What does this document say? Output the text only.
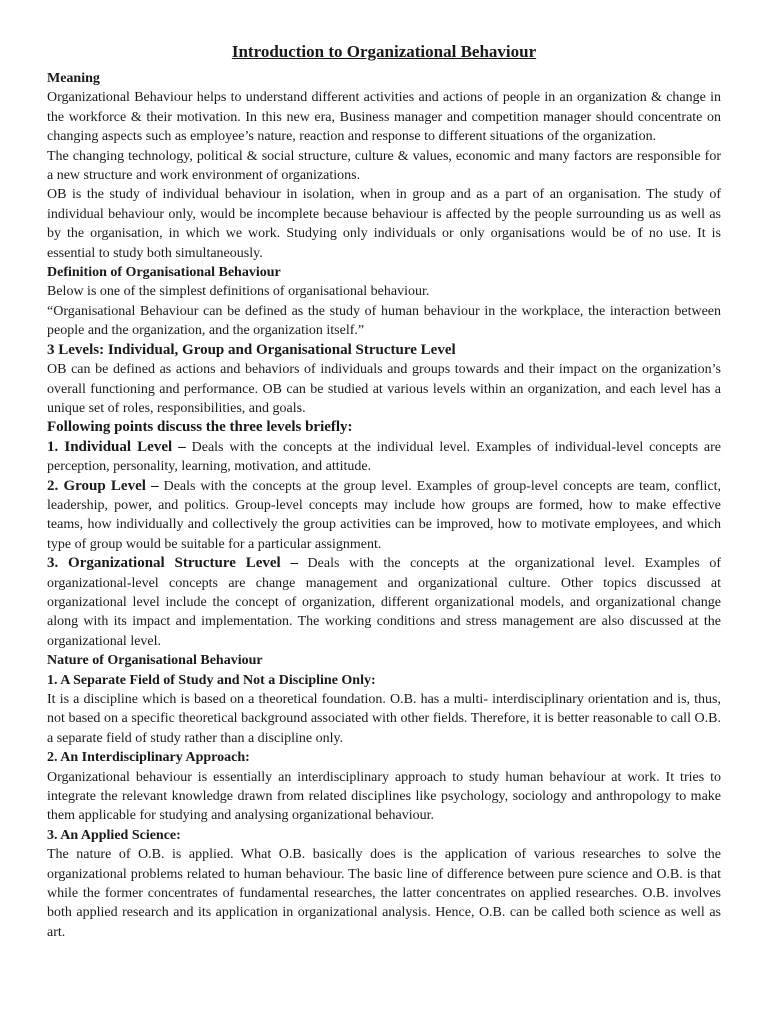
Introduction to Organizational Behaviour
Meaning

Organizational Behaviour helps to understand different activities and actions of people in an organization & change in the workforce & their motivation. In this new era, Business manager and competition manager should concentrate on changing aspects such as employee’s nature, reaction and response to different situations of the organization.

The changing technology, political & social structure, culture & values, economic and many factors are responsible for a new structure and work environment of organizations.

OB is the study of individual behaviour in isolation, when in group and as a part of an organisation. The study of individual behaviour only, would be incomplete because behaviour is affected by the people surrounding us as well as by the organisation, in which we work. Studying only individuals or only organisations would be of no use. It is essential to study both simultaneously.

Definition of Organisational Behaviour

Below is one of the simplest definitions of organisational behaviour.

“Organisational Behaviour can be defined as the study of human behaviour in the workplace, the interaction between people and the organization, and the organization itself.”

3 Levels: Individual, Group and Organisational Structure Level

OB can be defined as actions and behaviors of individuals and groups towards and their impact on the organization’s overall functioning and performance. OB can be studied at various levels within an organization, and each level has a unique set of roles, responsibilities, and goals.

Following points discuss the three levels briefly:

1. Individual Level – Deals with the concepts at the individual level. Examples of individual-level concepts are perception, personality, learning, motivation, and attitude.

2. Group Level – Deals with the concepts at the group level. Examples of group-level concepts are team, conflict, leadership, power, and politics. Group-level concepts may include how groups are formed, how to make effective teams, how individually and collectively the group activities can be improved, how to motivate employees, and which type of group would be suitable for a particular assignment.

3. Organizational Structure Level – Deals with the concepts at the organizational level. Examples of organizational-level concepts are change management and organizational culture. Other topics discussed at organizational level include the concept of organization, different organizational models, and organizational change along with its impact and implementation. The working conditions and stress management are also discussed at the organizational level.

Nature of Organisational Behaviour
1. A Separate Field of Study and Not a Discipline Only:

It is a discipline which is based on a theoretical foundation. O.B. has a multi- interdisciplinary orientation and is, thus, not based on a specific theoretical background associated with other fields. Therefore, it is better reasonable to call O.B. a separate field of study rather than a discipline only.

2. An Interdisciplinary Approach:

Organizational behaviour is essentially an interdisciplinary approach to study human behaviour at work. It tries to integrate the relevant knowledge drawn from related disciplines like psychology, sociology and anthropology to make them applicable for studying and analysing organizational behaviour.

3. An Applied Science:

The nature of O.B. is applied. What O.B. basically does is the application of various researches to solve the organizational problems related to human behaviour. The basic line of difference between pure science and O.B. is that while the former concentrates of fundamental researches, the latter concentrates on applied researches. O.B. involves both applied research and its application in organizational analysis. Hence, O.B. can be called both science as well as art.
